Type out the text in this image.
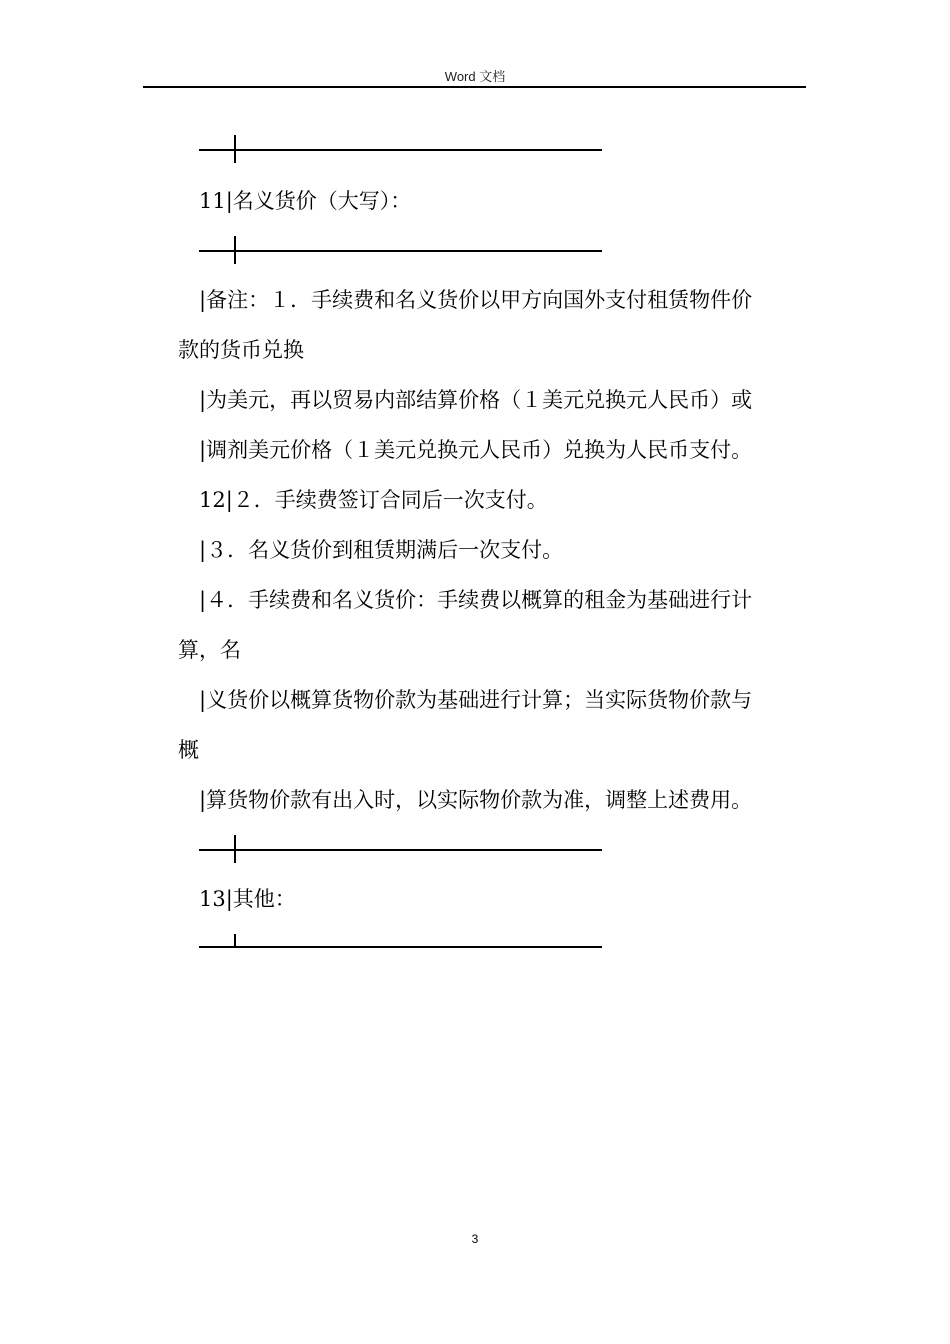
Word 文档
11|名义货价（大写）：
|备注：１．手续费和名义货价以甲方向国外支付租赁物件价
款的货币兑换
|为美元，再以贸易内部结算价格（１美元兑换元人民币）或
|调剂美元价格（１美元兑换元人民币）兑换为人民币支付。
12|２．手续费签订合同后一次支付。
|３．名义货价到租赁期满后一次支付。
|４．手续费和名义货价：手续费以概算的租金为基础进行计
算，名
|义货价以概算货物价款为基础进行计算；当实际货物价款与
概
|算货物价款有出入时，以实际物价款为准，调整上述费用。
13|其他：
3
